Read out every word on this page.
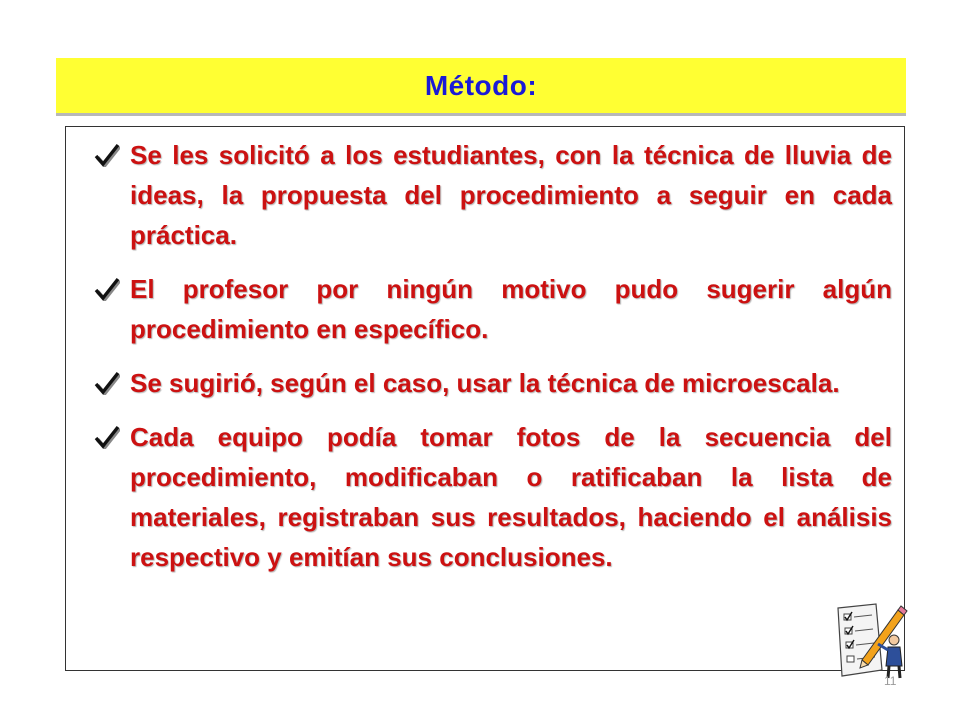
Método:
Se les solicitó a los estudiantes, con la técnica de lluvia de ideas, la propuesta del procedimiento a seguir en cada práctica.
El profesor por ningún motivo pudo sugerir algún procedimiento en específico.
Se sugirió, según el caso, usar la técnica de microescala.
Cada equipo podía tomar fotos de la secuencia del procedimiento, modificaban o ratificaban la lista de materiales, registraban sus resultados, haciendo el análisis respectivo y emitían sus conclusiones.
11
